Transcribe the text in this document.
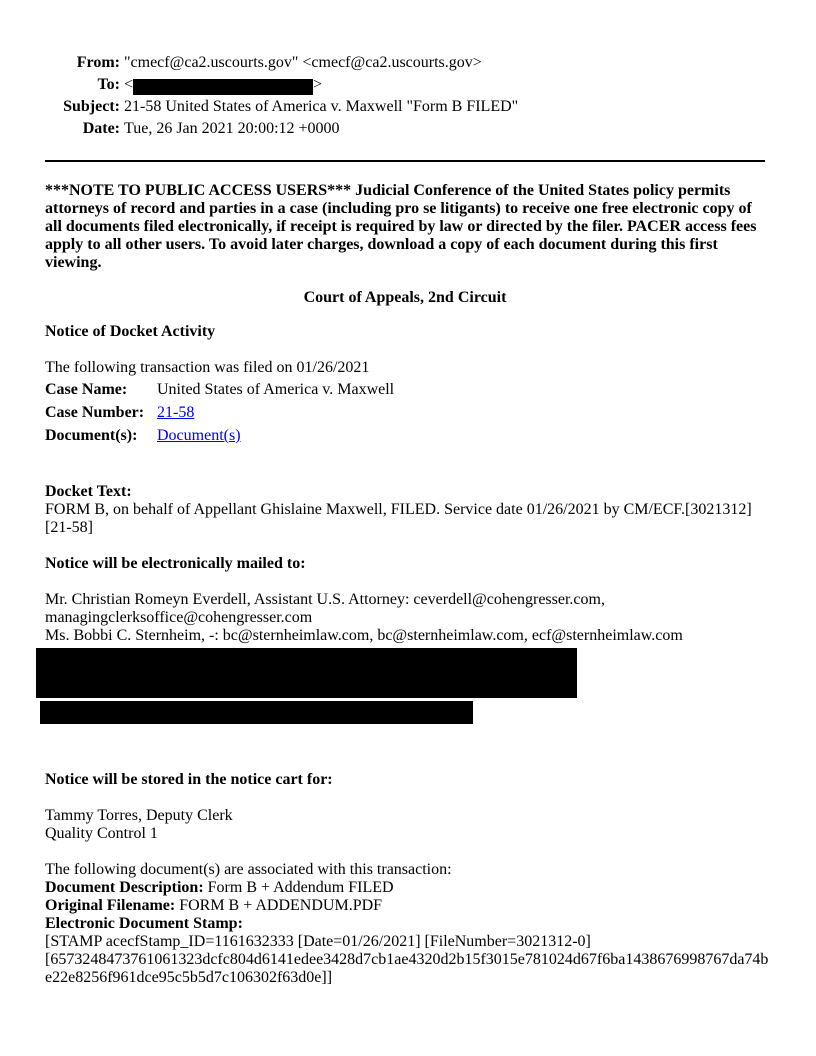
From: "cmecf@ca2.uscourts.gov" <cmecf@ca2.uscourts.gov>
To: <	>
Subject: 21-58 United States of America v. Maxwell "Form B FILED"
Date: Tue, 26 Jan 2021 20:00:12 +0000
***NOTE TO PUBLIC ACCESS USERS*** Judicial Conference of the United States policy permits attorneys of record and parties in a case (including pro se litigants) to receive one free electronic copy of all documents filed electronically, if receipt is required by law or directed by the filer. PACER access fees apply to all other users. To avoid later charges, download a copy of each document during this first viewing.
Court of Appeals, 2nd Circuit
Notice of Docket Activity
The following transaction was filed on 01/26/2021
Case Name:	United States of America v. Maxwell
Case Number:	21-58
Document(s):	Document(s)
Docket Text:
FORM B, on behalf of Appellant Ghislaine Maxwell, FILED. Service date 01/26/2021 by CM/ECF.[3021312] [21-58]
Notice will be electronically mailed to:
Mr. Christian Romeyn Everdell, Assistant U.S. Attorney: ceverdell@cohengresser.com, managingclerksoffice@cohengresser.com
Ms. Bobbi C. Sternheim, -: bc@sternheimlaw.com, bc@sternheimlaw.com, ecf@sternheimlaw.com
Notice will be stored in the notice cart for:
Tammy Torres, Deputy Clerk
Quality Control 1
The following document(s) are associated with this transaction:
Document Description: Form B + Addendum FILED
Original Filename: FORM B + ADDENDUM.PDF
Electronic Document Stamp:
[STAMP acecfStamp_ID=1161632333 [Date=01/26/2021] [FileNumber=3021312-0]
[6573248473761061323dcfc804d6141edee3428d7cb1ae4320d2b15f3015e781024d67f6ba1438676998767da74be22e8256f961dce95c5b5d7c106302f63d0e]]
